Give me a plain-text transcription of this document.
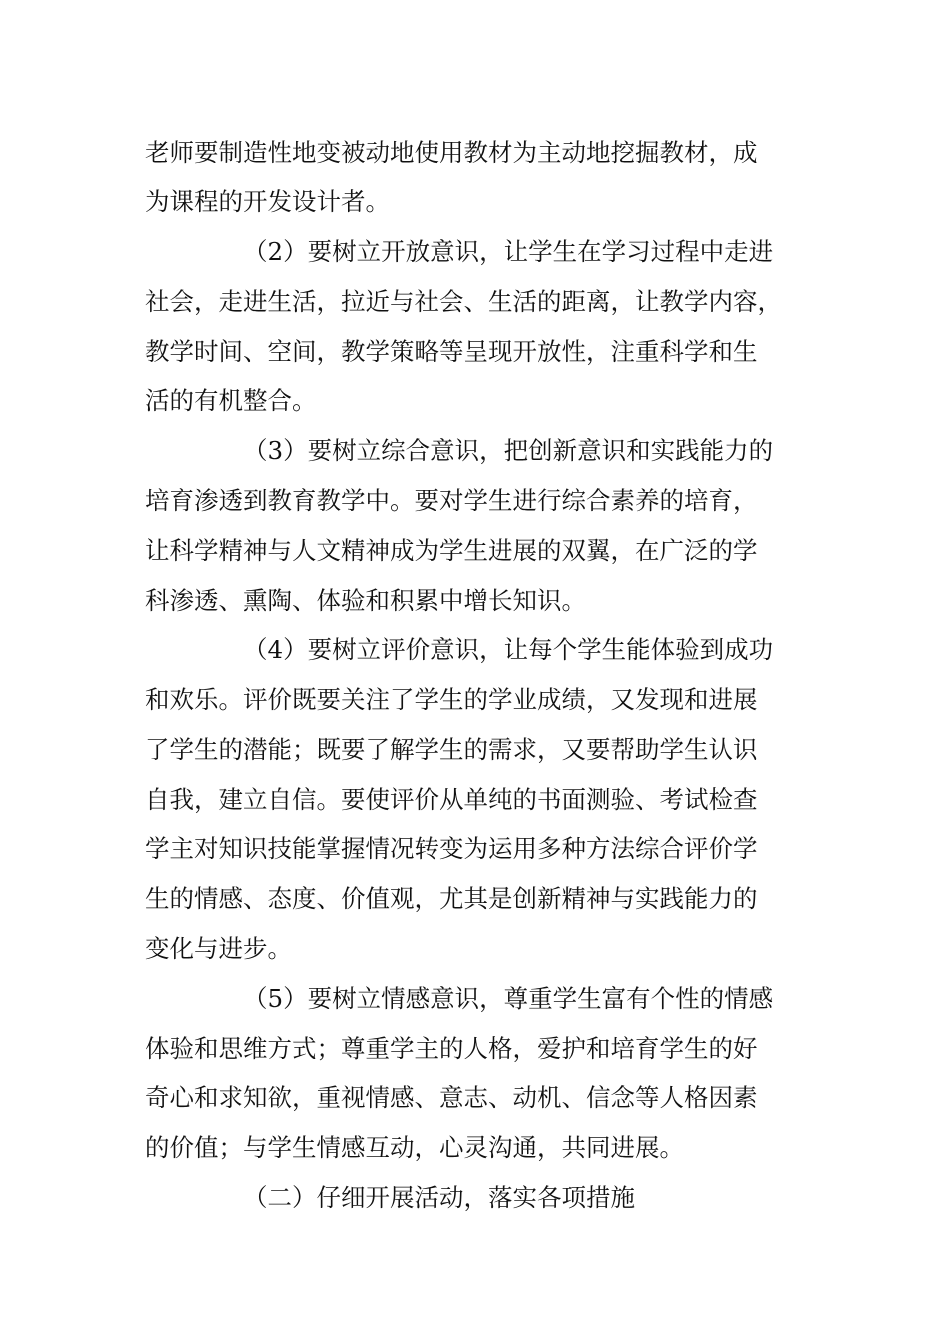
老师要制造性地变被动地使用教材为主动地挖掘教材，成
为课程的开发设计者。
（2）要树立开放意识，让学生在学习过程中走进
社会，走进生活，拉近与社会、生活的距离，让教学内容，
教学时间、空间，教学策略等呈现开放性，注重科学和生
活的有机整合。
（3）要树立综合意识，把创新意识和实践能力的
培育渗透到教育教学中。要对学生进行综合素养的培育，
让科学精神与人文精神成为学生进展的双翼，在广泛的学
科渗透、熏陶、体验和积累中增长知识。
（4）要树立评价意识，让每个学生能体验到成功
和欢乐。评价既要关注了学生的学业成绩，又发现和进展
了学生的潜能；既要了解学生的需求，又要帮助学生认识
自我，建立自信。要使评价从单纯的书面测验、考试检查
学主对知识技能掌握情况转变为运用多种方法综合评价学
生的情感、态度、价值观，尤其是创新精神与实践能力的
变化与进步。
（5）要树立情感意识，尊重学生富有个性的情感
体验和思维方式；尊重学主的人格，爱护和培育学生的好
奇心和求知欲，重视情感、意志、动机、信念等人格因素
的价值；与学生情感互动，心灵沟通，共同进展。
（二）仔细开展活动，落实各项措施
